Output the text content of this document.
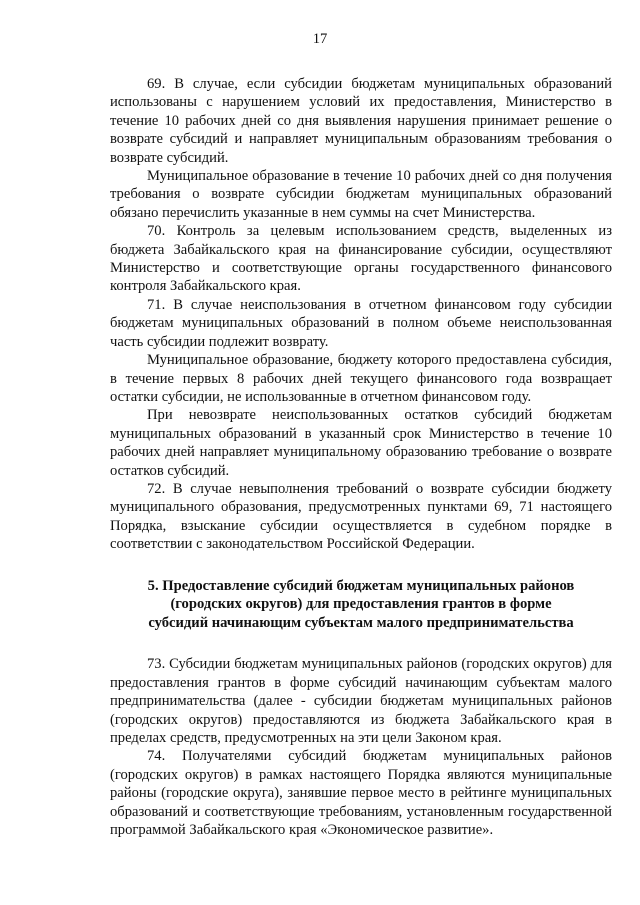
17

69. В случае, если субсидии бюджетам муниципальных образований использованы с нарушением условий их предоставления, Министерство в течение 10 рабочих дней со дня выявления нарушения принимает решение о возврате субсидий и направляет муниципальным образованиям требования о возврате субсидий.

Муниципальное образование в течение 10 рабочих дней со дня получения требования о возврате субсидии бюджетам муниципальных образований обязано перечислить указанные в нем суммы на счет Министерства.

70. Контроль за целевым использованием средств, выделенных из бюджета Забайкальского края на финансирование субсидии, осуществляют Министерство и соответствующие органы государственного финансового контроля Забайкальского края.

71. В случае неиспользования в отчетном финансовом году субсидии бюджетам муниципальных образований в полном объеме неиспользованная часть субсидии подлежит возврату.

Муниципальное образование, бюджету которого предоставлена субсидия, в течение первых 8 рабочих дней текущего финансового года возвращает остатки субсидии, не использованные в отчетном финансовом году.

При невозврате неиспользованных остатков субсидий бюджетам муниципальных образований в указанный срок Министерство в течение 10 рабочих дней направляет муниципальному образованию требование о возврате остатков субсидий.

72. В случае невыполнения требований о возврате субсидии бюджету муниципального образования, предусмотренных пунктами 69, 71 настоящего Порядка, взыскание субсидии осуществляется в судебном порядке в соответствии с законодательством Российской Федерации.

5. Предоставление субсидий бюджетам муниципальных районов
(городских округов) для предоставления грантов в форме
субсидий начинающим субъектам малого предпринимательства

73. Субсидии бюджетам муниципальных районов (городских округов) для предоставления грантов в форме субсидий начинающим субъектам малого предпринимательства (далее - субсидии бюджетам муниципальных районов (городских округов) предоставляются из бюджета Забайкальского края в пределах средств, предусмотренных на эти цели Законом края.

74. Получателями субсидий бюджетам муниципальных районов (городских округов) в рамках настоящего Порядка являются муниципальные районы (городские округа), занявшие первое место в рейтинге муниципальных образований и соответствующие требованиям, установленным государственной программой Забайкальского края «Экономическое развитие».
